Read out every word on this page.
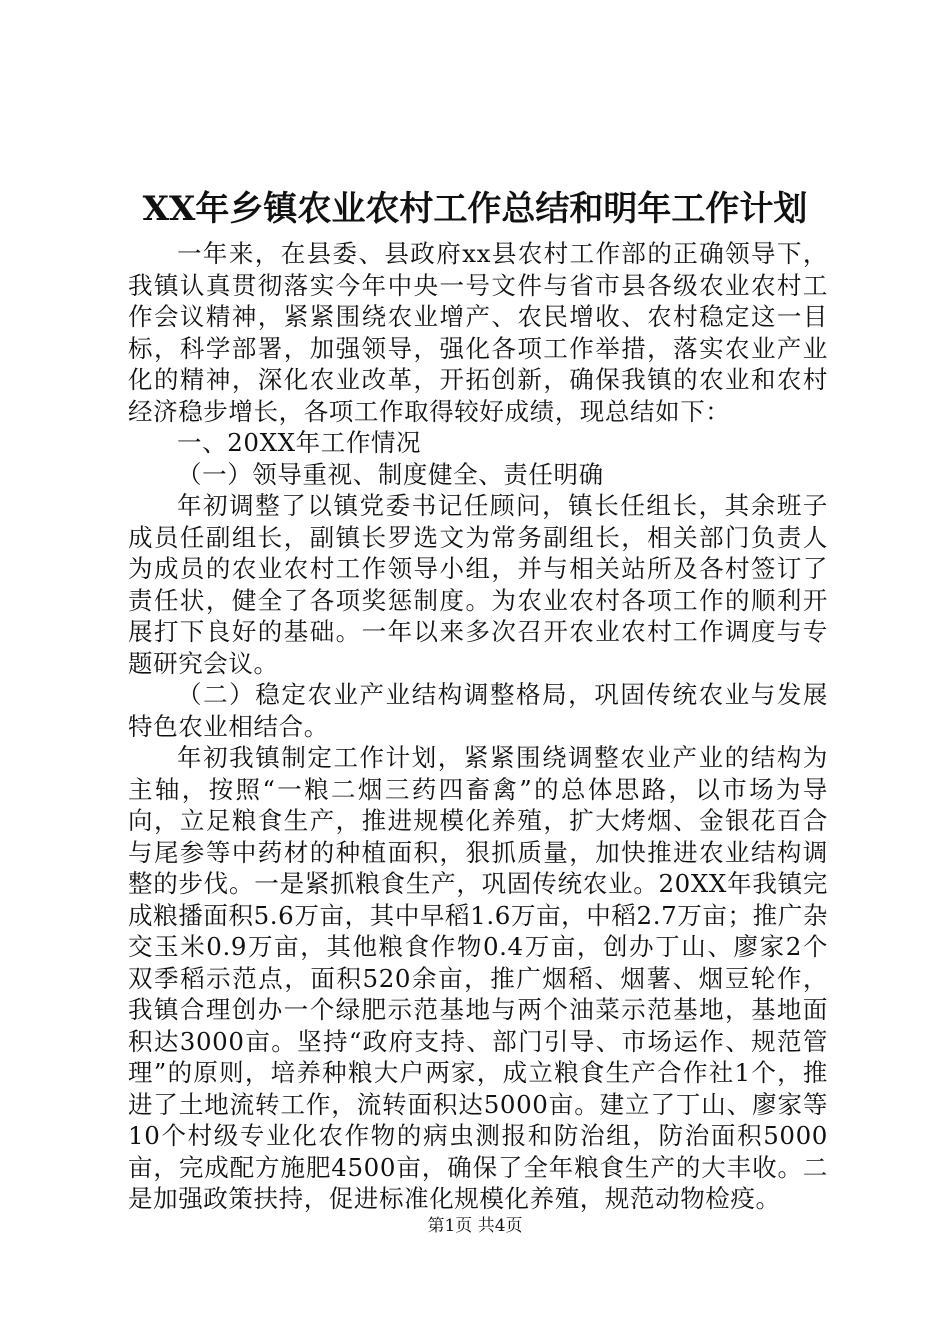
XX年乡镇农业农村工作总结和明年工作计划

一年来，在县委、县政府xx县农村工作部的正确领导下，我镇认真贯彻落实今年中央一号文件与省市县各级农业农村工作会议精神，紧紧围绕农业增产、农民增收、农村稳定这一目标，科学部署，加强领导，强化各项工作举措，落实农业产业化的精神，深化农业改革，开拓创新，确保我镇的农业和农村经济稳步增长，各项工作取得较好成绩，现总结如下：

一、20XX年工作情况

（一）领导重视、制度健全、责任明确

年初调整了以镇党委书记任顾问，镇长任组长，其余班子成员任副组长，副镇长罗选文为常务副组长，相关部门负责人为成员的农业农村工作领导小组，并与相关站所及各村签订了责任状，健全了各项奖惩制度。为农业农村各项工作的顺利开展打下良好的基础。一年以来多次召开农业农村工作调度与专题研究会议。

（二）稳定农业产业结构调整格局，巩固传统农业与发展特色农业相结合。

年初我镇制定工作计划，紧紧围绕调整农业产业的结构为主轴，按照“一粮二烟三药四畜禽”的总体思路，以市场为导向，立足粮食生产，推进规模化养殖，扩大烤烟、金银花百合与尾参等中药材的种植面积，狠抓质量，加快推进农业结构调整的步伐。一是紧抓粮食生产，巩固传统农业。20XX年我镇完成粮播面积5.6万亩，其中早稻1.6万亩，中稻2.7万亩；推广杂交玉米0.9万亩，其他粮食作物0.4万亩，创办丁山、廖家2个双季稻示范点，面积520余亩，推广烟稻、烟薯、烟豆轮作，我镇合理创办一个绿肥示范基地与两个油菜示范基地，基地面积达3000亩。坚持“政府支持、部门引导、市场运作、规范管理”的原则，培养种粮大户两家，成立粮食生产合作社1个，推进了土地流转工作，流转面积达5000亩。建立了丁山、廖家等10个村级专业化农作物的病虫测报和防治组，防治面积5000亩，完成配方施肥4500亩，确保了全年粮食生产的大丰收。二是加强政策扶持，促进标准化规模化养殖，规范动物检疫。

第1页 共4页
